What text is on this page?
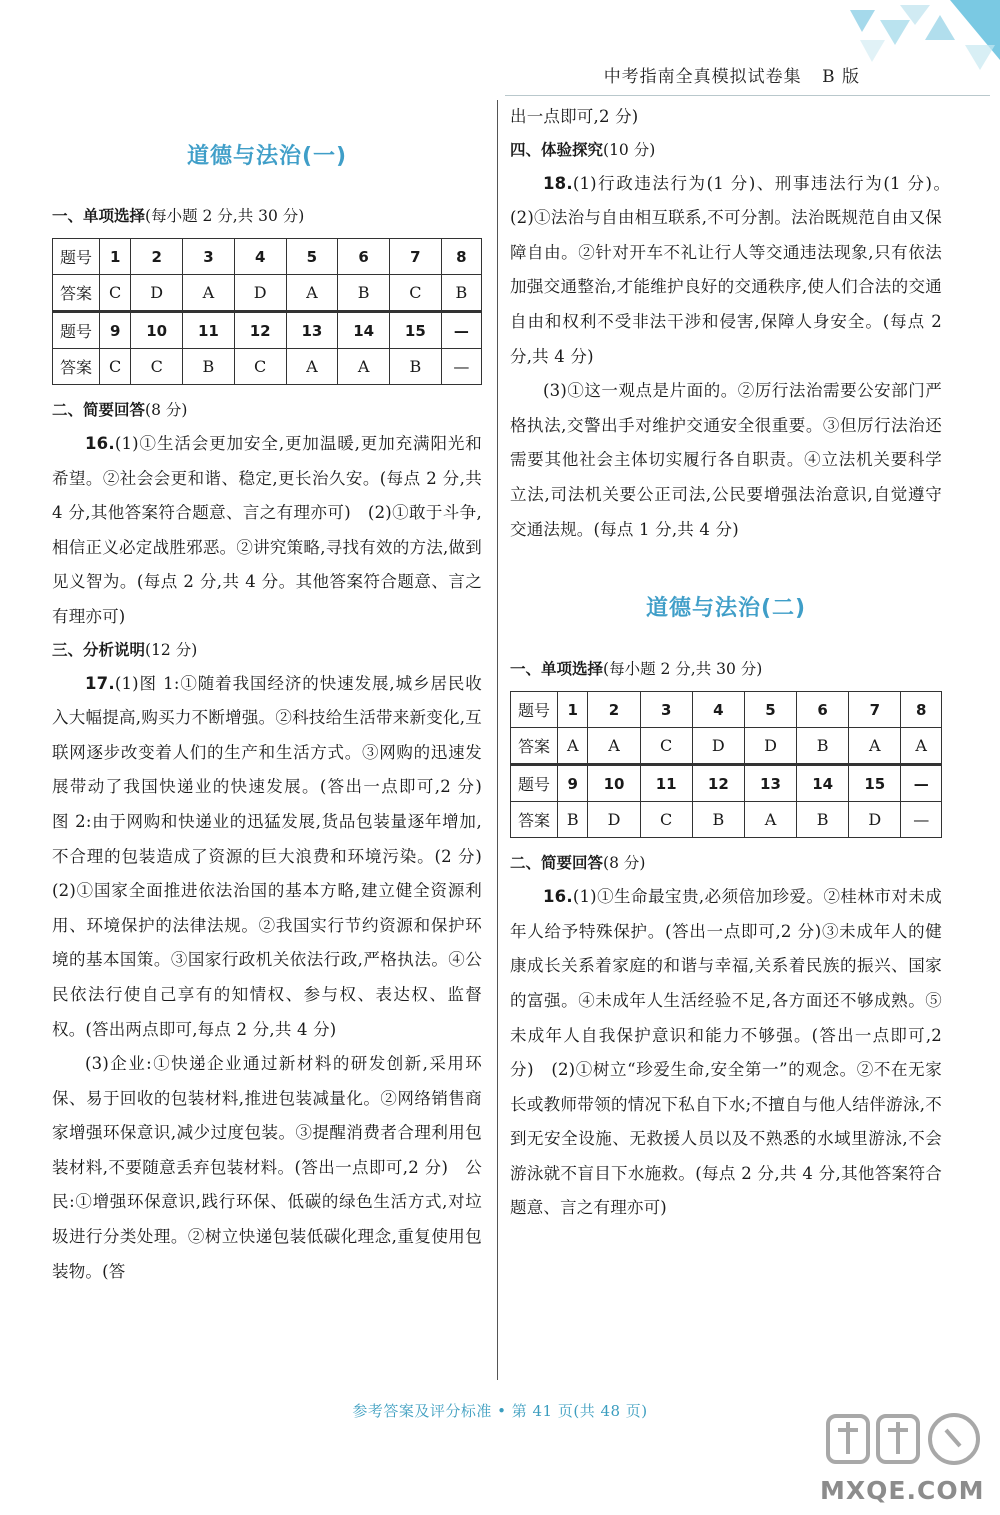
中考指南全真模拟试卷集 B 版
道德与法治(一)
一、单项选择(每小题 2 分,共 30 分)
题号	1	2	3	4	5	6	7	8
答案	C	D	A	D	A	B	C	B
题号	9	10	11	12	13	14	15	—
答案	C	C	B	C	A	A	B	—
二、简要回答(8 分)
16.(1)①生活会更加安全,更加温暖,更加充满阳光和希望。②社会会更和谐、稳定,更长治久安。(每点 2 分,共 4 分,其他答案符合题意、言之有理亦可)　(2)①敢于斗争,相信正义必定战胜邪恶。②讲究策略,寻找有效的方法,做到见义智为。(每点 2 分,共 4 分。其他答案符合题意、言之有理亦可)
三、分析说明(12 分)
17.(1)图 1:①随着我国经济的快速发展,城乡居民收入大幅提高,购买力不断增强。②科技给生活带来新变化,互联网逐步改变着人们的生产和生活方式。③网购的迅速发展带动了我国快递业的快速发展。(答出一点即可,2 分)　图 2:由于网购和快递业的迅猛发展,货品包装量逐年增加,不合理的包装造成了资源的巨大浪费和环境污染。(2 分)　(2)①国家全面推进依法治国的基本方略,建立健全资源利用、环境保护的法律法规。②我国实行节约资源和保护环境的基本国策。③国家行政机关依法行政,严格执法。④公民依法行使自己享有的知情权、参与权、表达权、监督权。(答出两点即可,每点 2 分,共 4 分)
(3)企业:①快递企业通过新材料的研发创新,采用环保、易于回收的包装材料,推进包装减量化。②网络销售商家增强环保意识,减少过度包装。③提醒消费者合理利用包装材料,不要随意丢弃包装材料。(答出一点即可,2 分)　公民:①增强环保意识,践行环保、低碳的绿色生活方式,对垃圾进行分类处理。②树立快递包装低碳化理念,重复使用包装物。(答
出一点即可,2 分)
四、体验探究(10 分)
18.(1)行政违法行为(1 分)、刑事违法行为(1 分)。　(2)①法治与自由相互联系,不可分割。法治既规范自由又保障自由。②针对开车不礼让行人等交通违法现象,只有依法加强交通整治,才能维护良好的交通秩序,使人们合法的交通自由和权利不受非法干涉和侵害,保障人身安全。(每点 2 分,共 4 分)
(3)①这一观点是片面的。②厉行法治需要公安部门严格执法,交警出手对维护交通安全很重要。③但厉行法治还需要其他社会主体切实履行各自职责。④立法机关要科学立法,司法机关要公正司法,公民要增强法治意识,自觉遵守交通法规。(每点 1 分,共 4 分)
道德与法治(二)
一、单项选择(每小题 2 分,共 30 分)
题号	1	2	3	4	5	6	7	8
答案	A	A	C	D	D	B	A	A
题号	9	10	11	12	13	14	15	—
答案	B	D	C	B	A	B	D	—
二、简要回答(8 分)
16.(1)①生命最宝贵,必须倍加珍爱。②桂林市对未成年人给予特殊保护。(答出一点即可,2 分)③未成年人的健康成长关系着家庭的和谐与幸福,关系着民族的振兴、国家的富强。④未成年人生活经验不足,各方面还不够成熟。⑤未成年人自我保护意识和能力不够强。(答出一点即可,2 分)　(2)①树立“珍爱生命,安全第一”的观念。②不在无家长或教师带领的情况下私自下水;不擅自与他人结伴游泳,不到无安全设施、无救援人员以及不熟悉的水域里游泳,不会游泳就不盲目下水施救。(每点 2 分,共 4 分,其他答案符合题意、言之有理亦可)
参考答案及评分标准 • 第 41 页(共 48 页)
MXQE.COM
